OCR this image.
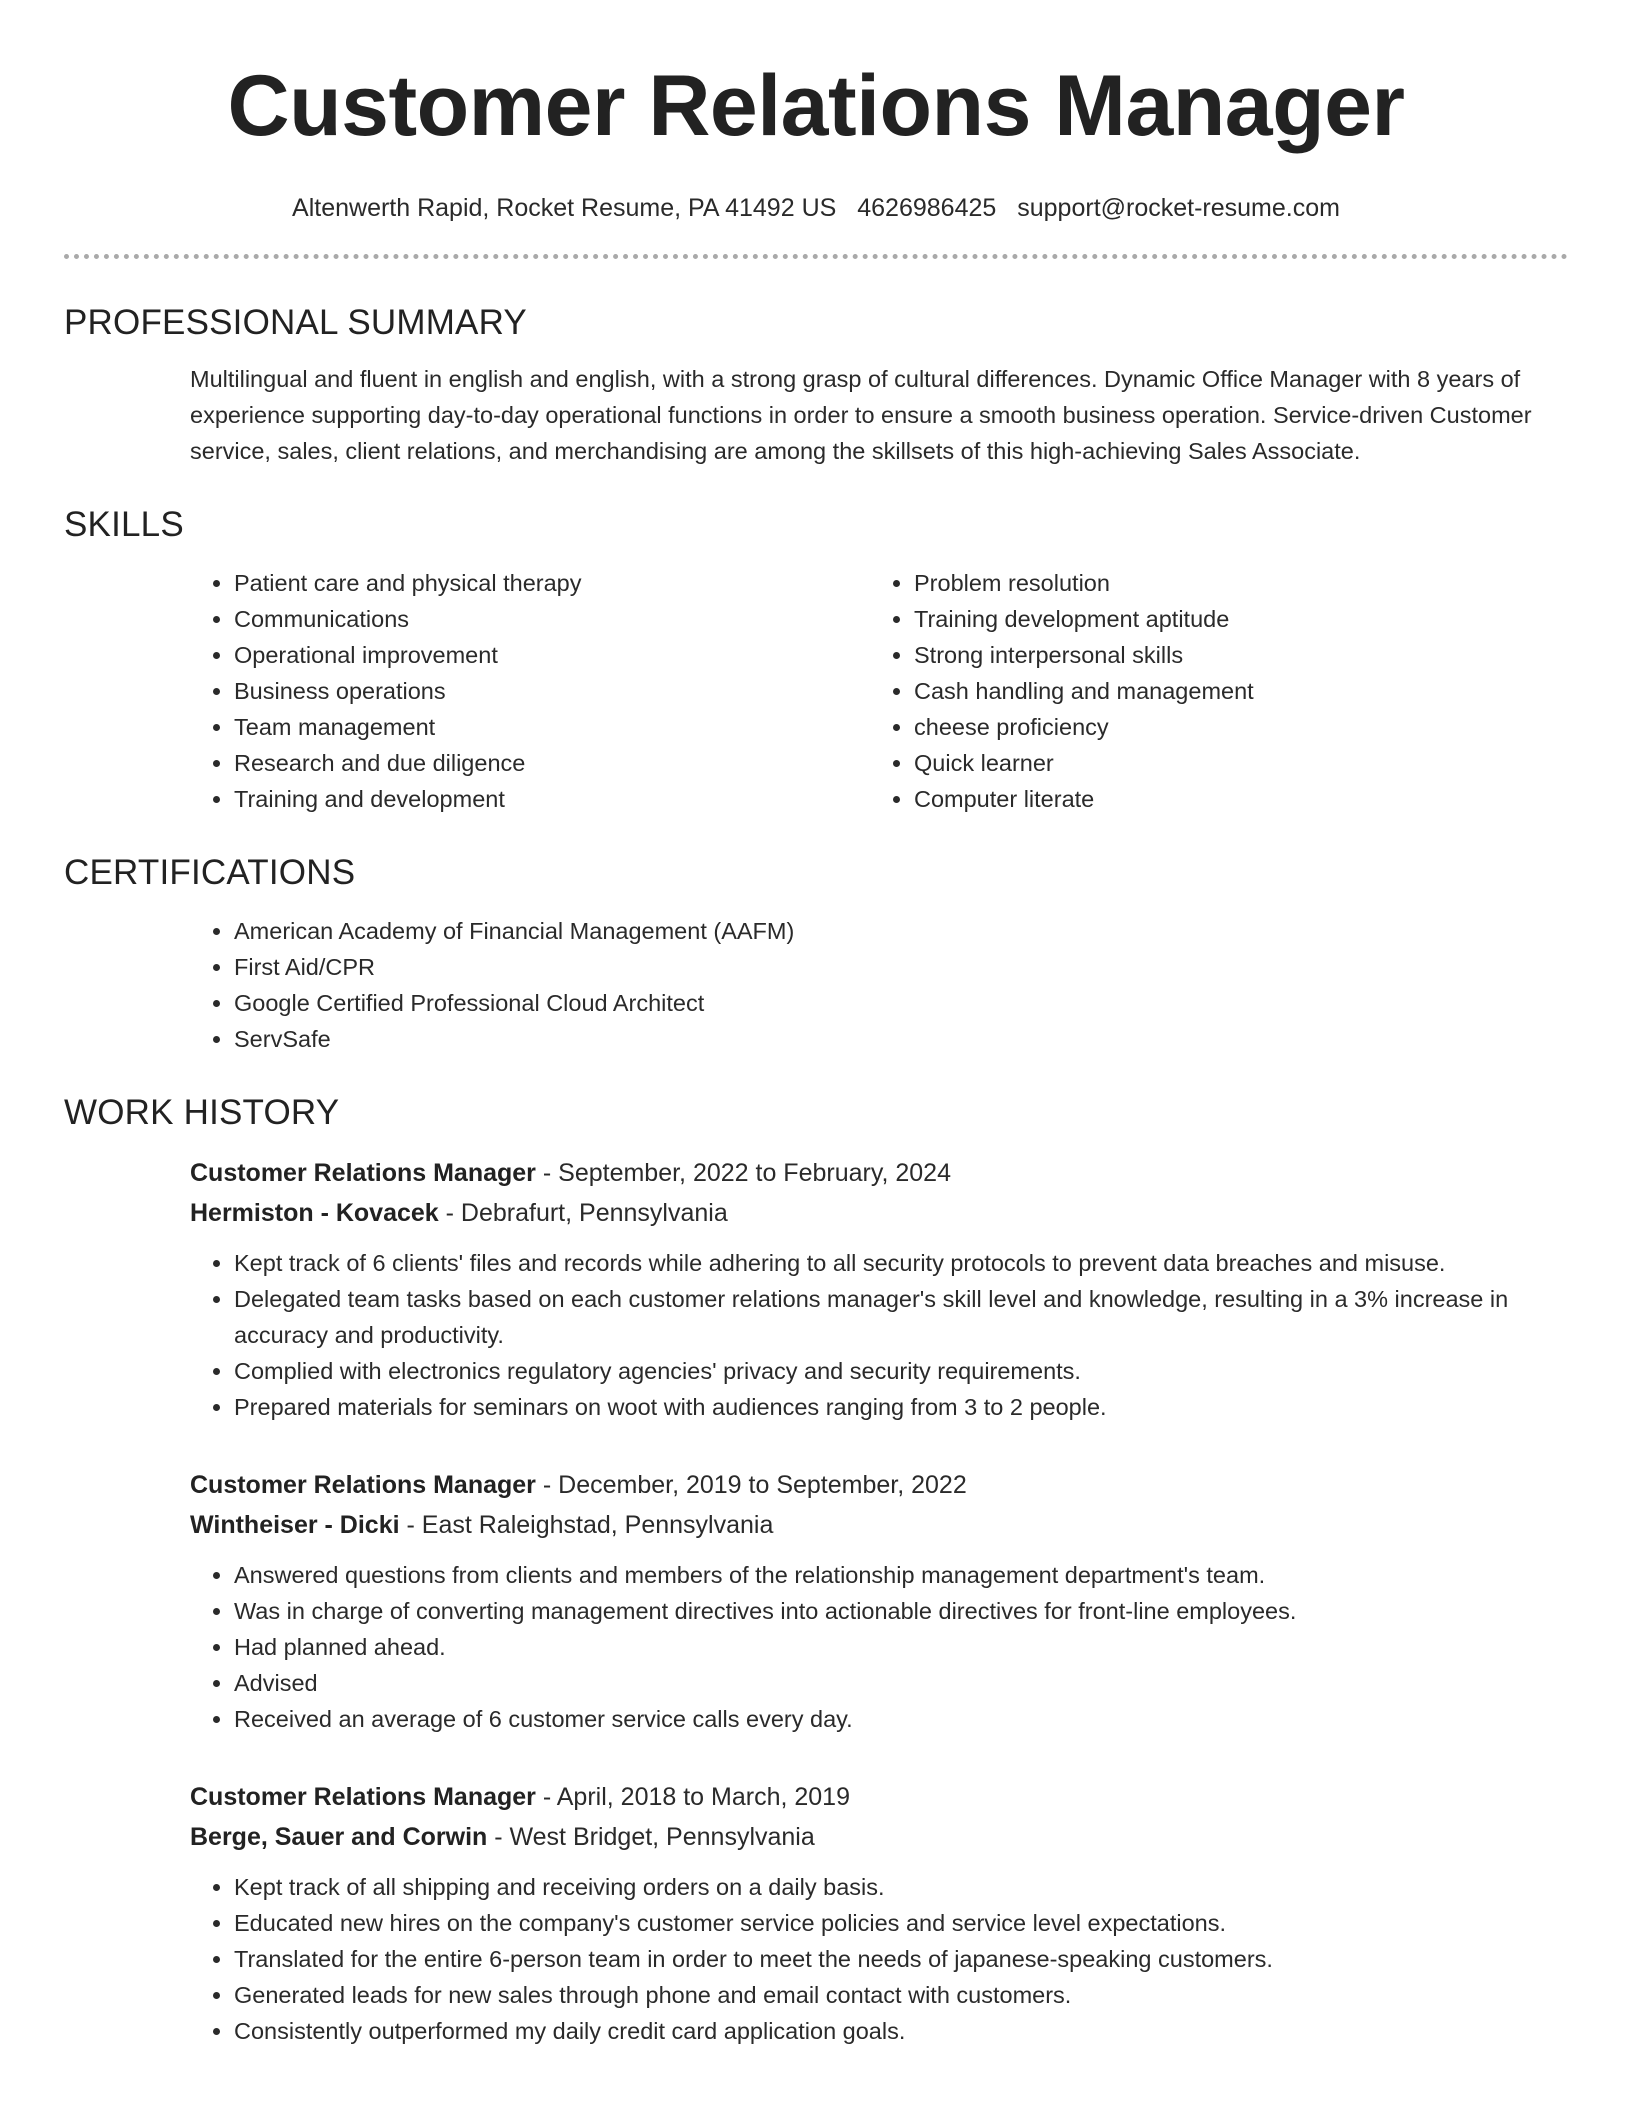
Customer Relations Manager
Altenwerth Rapid, Rocket Resume, PA 41492 US 4626986425 support@rocket-resume.com
PROFESSIONAL SUMMARY

Multilingual and fluent in english and english, with a strong grasp of cultural differences. Dynamic Office Manager with 8 years of experience supporting day-to-day operational functions in order to ensure a smooth business operation. Service-driven Customer service, sales, client relations, and merchandising are among the skillsets of this high-achieving Sales Associate.

SKILLS
• Patient care and physical therapy
• Communications
• Operational improvement
• Business operations
• Team management
• Research and due diligence
• Training and development
• Problem resolution
• Training development aptitude
• Strong interpersonal skills
• Cash handling and management
• cheese proficiency
• Quick learner
• Computer literate
CERTIFICATIONS
• American Academy of Financial Management (AAFM)
• First Aid/CPR
• Google Certified Professional Cloud Architect
• ServSafe
WORK HISTORY
Customer Relations Manager - September, 2022 to February, 2024
Hermiston - Kovacek - Debrafurt, Pennsylvania
• Kept track of 6 clients' files and records while adhering to all security protocols to prevent data breaches and misuse.
• Delegated team tasks based on each customer relations manager's skill level and knowledge, resulting in a 3% increase in accuracy and productivity.
• Complied with electronics regulatory agencies' privacy and security requirements.
• Prepared materials for seminars on woot with audiences ranging from 3 to 2 people.
Customer Relations Manager - December, 2019 to September, 2022
Wintheiser - Dicki - East Raleighstad, Pennsylvania
• Answered questions from clients and members of the relationship management department's team.
• Was in charge of converting management directives into actionable directives for front-line employees.
• Had planned ahead.
• Advised
• Received an average of 6 customer service calls every day.
Customer Relations Manager - April, 2018 to March, 2019
Berge, Sauer and Corwin - West Bridget, Pennsylvania
• Kept track of all shipping and receiving orders on a daily basis.
• Educated new hires on the company's customer service policies and service level expectations.
• Translated for the entire 6-person team in order to meet the needs of japanese-speaking customers.
• Generated leads for new sales through phone and email contact with customers.
• Consistently outperformed my daily credit card application goals.
